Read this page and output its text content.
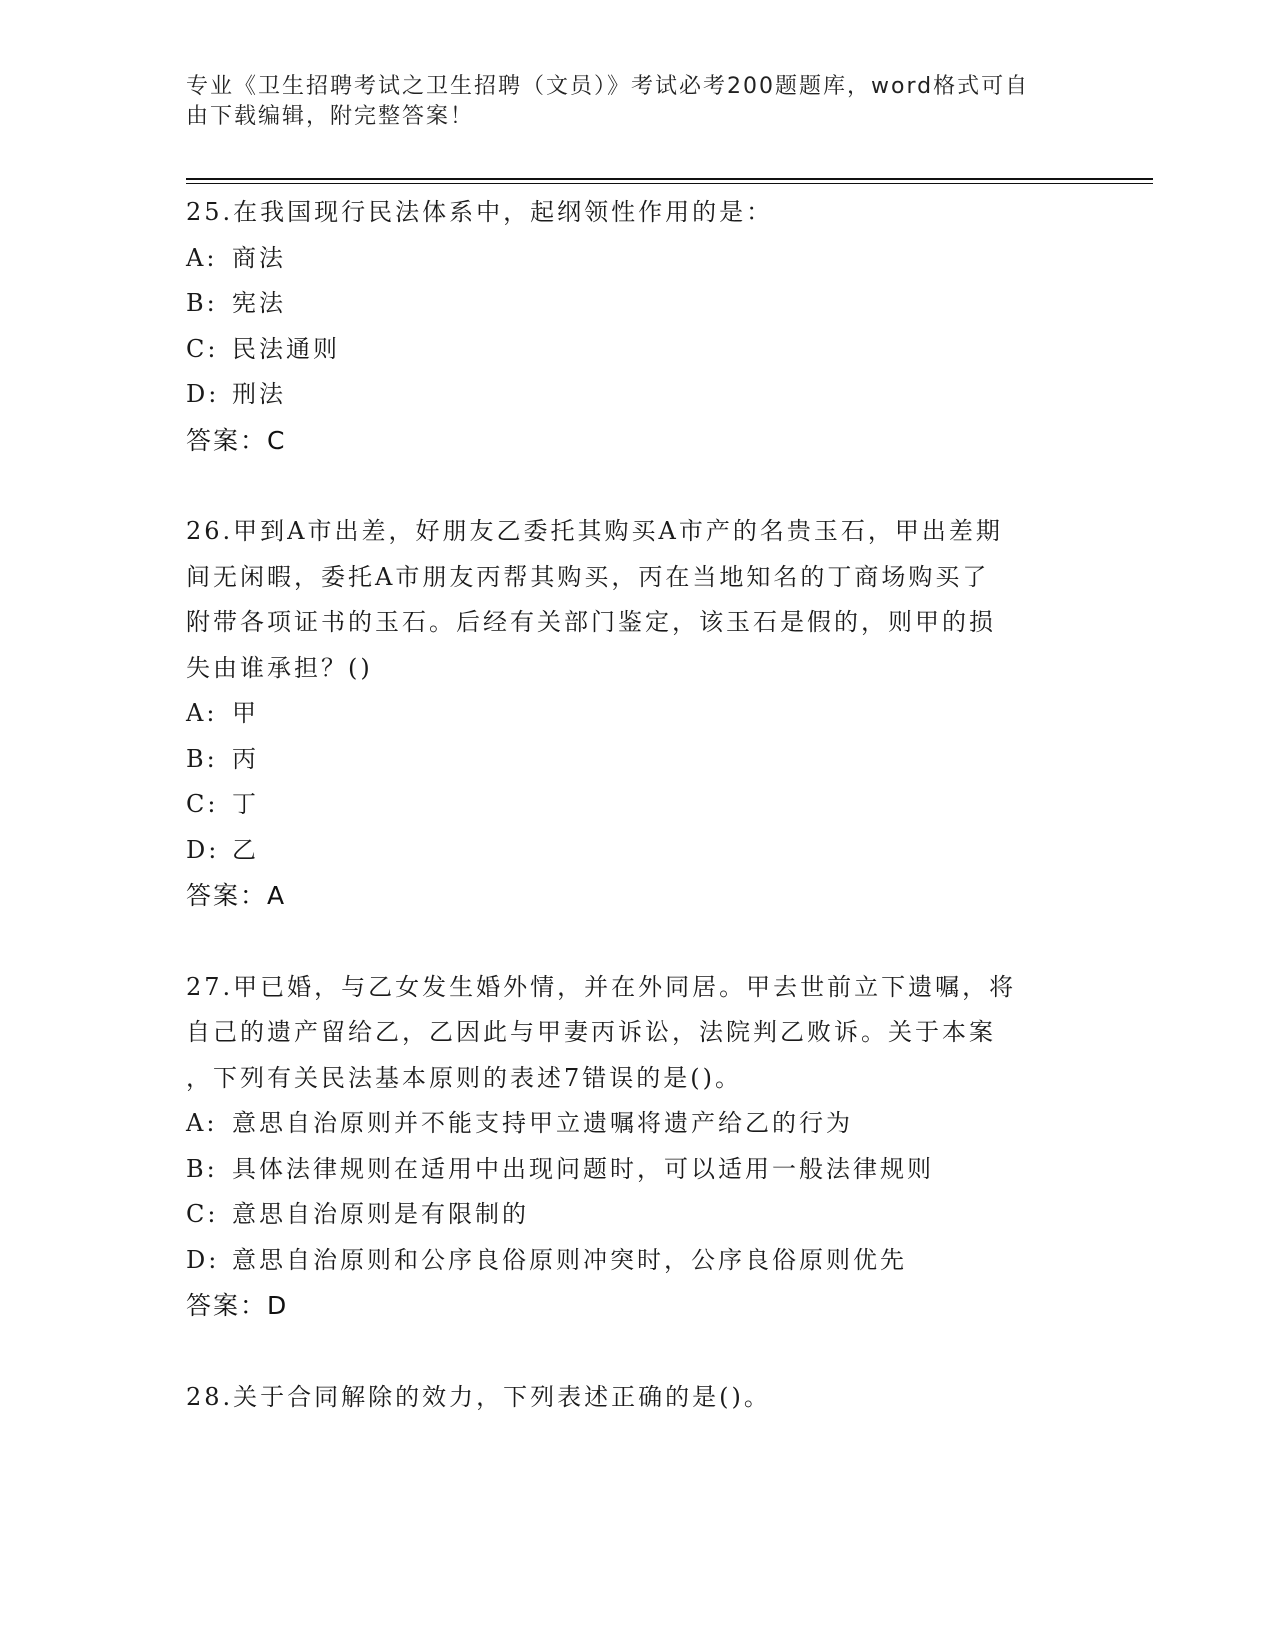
专业《卫生招聘考试之卫生招聘（文员）》考试必考200题题库，word格式可自
由下载编辑，附完整答案！
25.在我国现行民法体系中，起纲领性作用的是：
A: 商法
B: 宪法
C: 民法通则
D: 刑法
答案：C
26.甲到A市出差，好朋友乙委托其购买A市产的名贵玉石，甲出差期
间无闲暇，委托A市朋友丙帮其购买，丙在当地知名的丁商场购买了
附带各项证书的玉石。后经有关部门鉴定，该玉石是假的，则甲的损
失由谁承担？()
A: 甲
B: 丙
C: 丁
D: 乙
答案：A
27.甲已婚，与乙女发生婚外情，并在外同居。甲去世前立下遗嘱，将
自己的遗产留给乙，乙因此与甲妻丙诉讼，法院判乙败诉。关于本案
，下列有关民法基本原则的表述7错误的是()。
A: 意思自治原则并不能支持甲立遗嘱将遗产给乙的行为
B: 具体法律规则在适用中出现问题时，可以适用一般法律规则
C: 意思自治原则是有限制的
D: 意思自治原则和公序良俗原则冲突时，公序良俗原则优先
答案：D
28.关于合同解除的效力，下列表述正确的是()。
